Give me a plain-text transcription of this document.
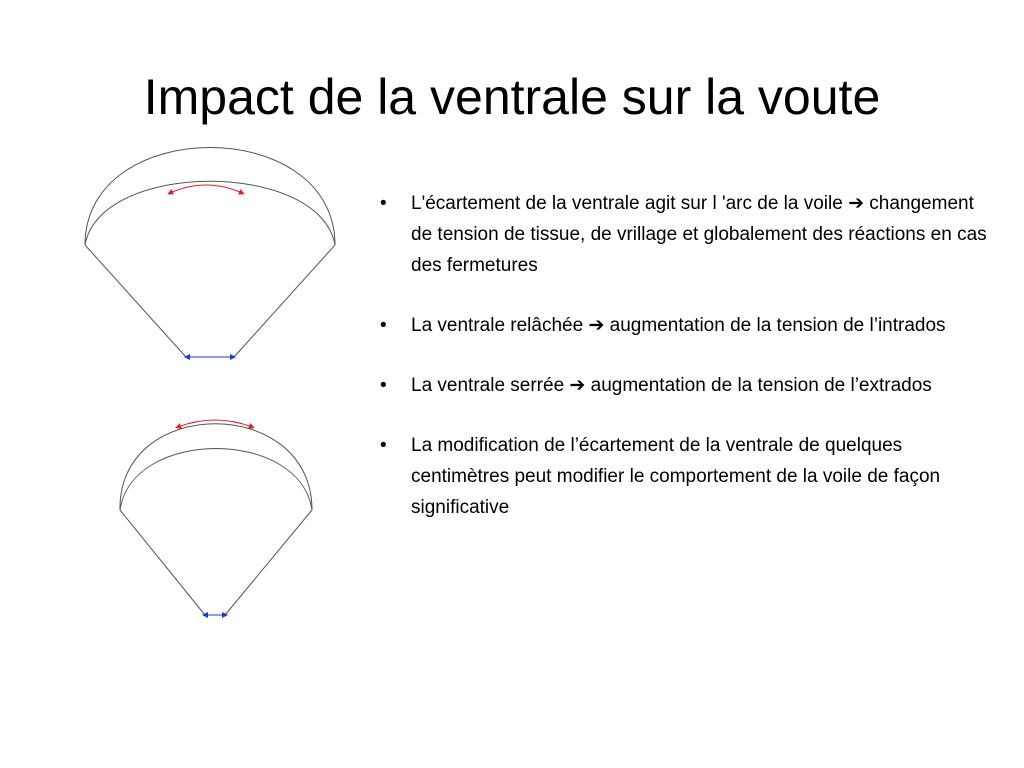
Impact de la ventrale sur la voute
• L'écartement de la ventrale agit sur l 'arc de la voile ➔ changement de tension de tissue, de vrillage et globalement des réactions en cas des fermetures
• La ventrale relâchée ➔ augmentation de la tension de l’intrados
• La ventrale serrée ➔ augmentation de la tension de l’extrados
• La modification de l’écartement de la ventrale de quelques centimètres peut modifier le comportement de la voile de façon significative
